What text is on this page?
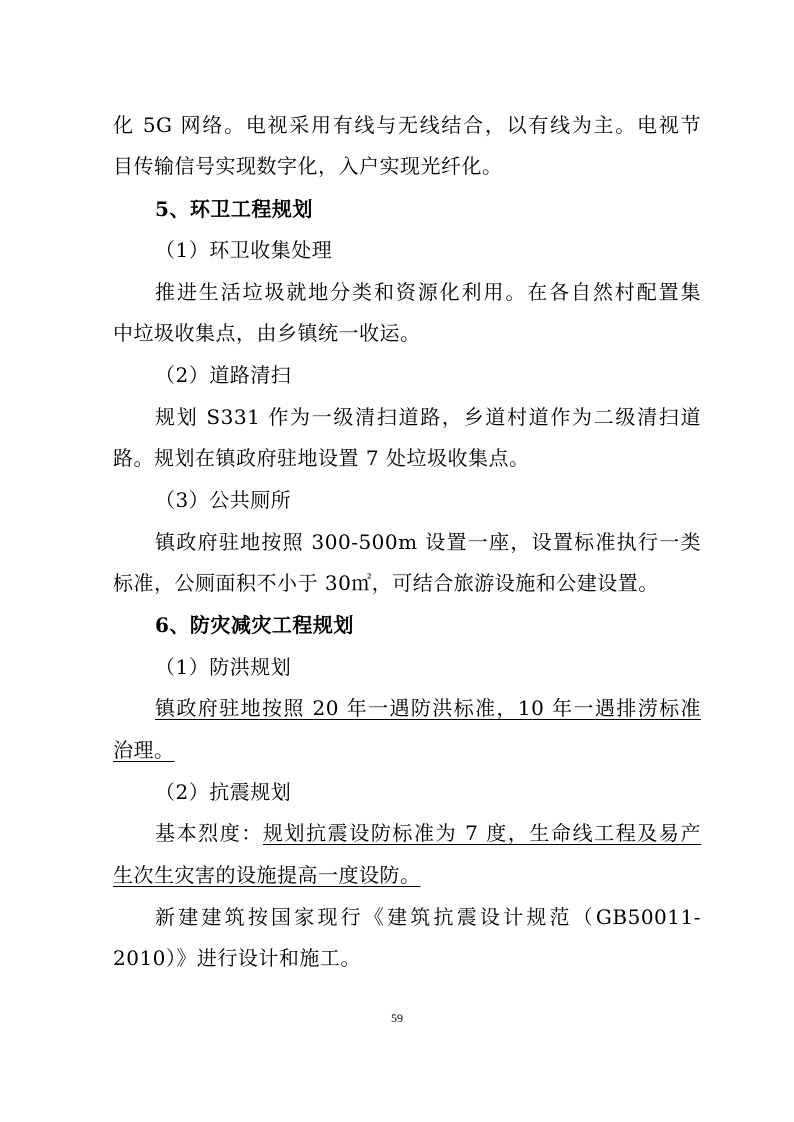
化 5G 网络。电视采用有线与无线结合，以有线为主。电视节
目传输信号实现数字化，入户实现光纤化。
5、环卫工程规划
（1）环卫收集处理
推进生活垃圾就地分类和资源化利用。在各自然村配置集
中垃圾收集点，由乡镇统一收运。
（2）道路清扫
规划 S331 作为一级清扫道路，乡道村道作为二级清扫道
路。规划在镇政府驻地设置 7 处垃圾收集点。
（3）公共厕所
镇政府驻地按照 300-500m 设置一座，设置标准执行一类
标准，公厕面积不小于 30㎡，可结合旅游设施和公建设置。
6、防灾减灾工程规划
（1）防洪规划
镇政府驻地按照 20 年一遇防洪标准，10 年一遇排涝标准
治理。
（2）抗震规划
基本烈度：规划抗震设防标准为 7 度，生命线工程及易产
生次生灾害的设施提高一度设防。
新建建筑按国家现行《建筑抗震设计规范（GB50011-
2010）》进行设计和施工。
59
